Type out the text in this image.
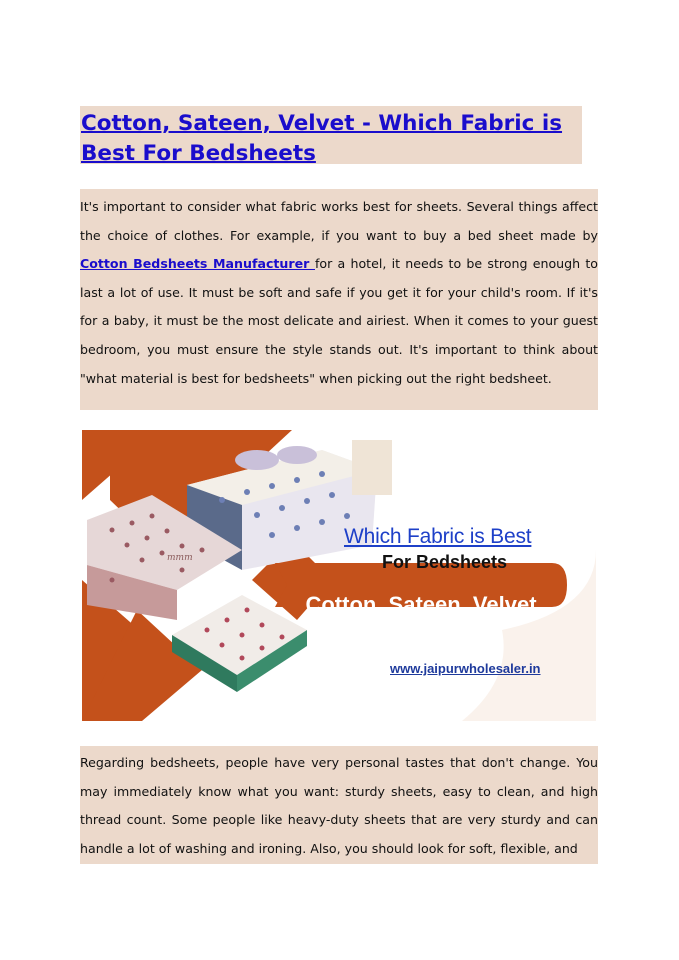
Cotton, Sateen, Velvet - Which Fabric is Best For Bedsheets
It's important to consider what fabric works best for sheets. Several things affect the choice of clothes. For example, if you want to buy a bed sheet made by Cotton Bedsheets Manufacturer for a hotel, it needs to be strong enough to last a lot of use. It must be soft and safe if you get it for your child's room. If it's for a baby, it must be the most delicate and airiest. When it comes to your guest bedroom, you must ensure the style stands out. It's important to think about "what material is best for bedsheets" when picking out the right bedsheet.
mmm
Which Fabric is Best
For Bedsheets
Cotton, Sateen, Velvet
www.jaipurwholesaler.in
Regarding bedsheets, people have very personal tastes that don't change. You may immediately know what you want: sturdy sheets, easy to clean, and high thread count. Some people like heavy-duty sheets that are very sturdy and can handle a lot of washing and ironing. Also, you should look for soft, flexible, and
